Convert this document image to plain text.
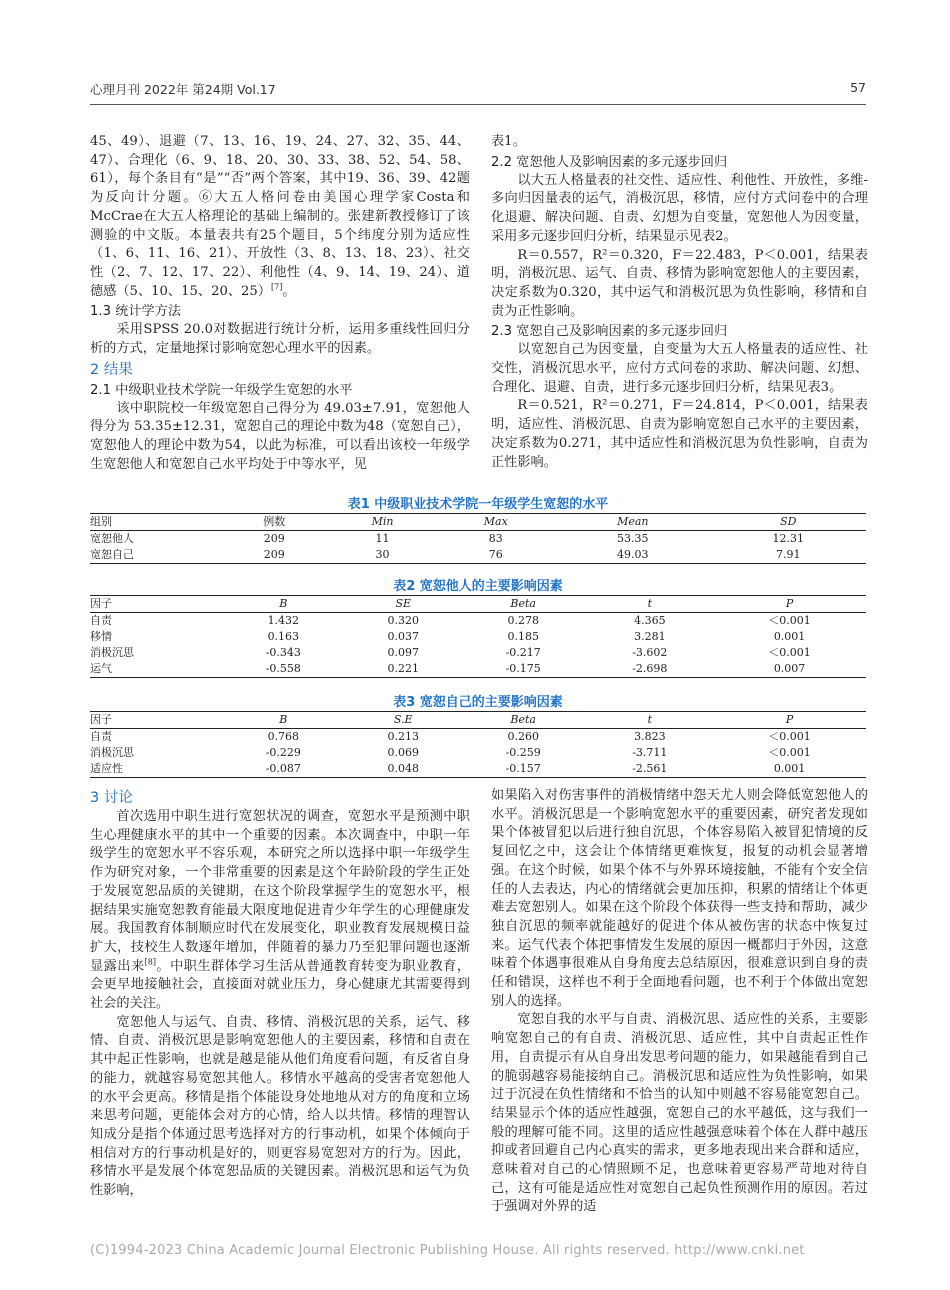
心理月刊 2022年 第24期 Vol.17	57

45、49）、退避（7、13、16、19、24、27、32、35、44、47）、合理化（6、9、18、20、30、33、38、52、54、58、61），每个条目有“是”“否”两个答案，其中19、36、39、42题为反向计分题。⑥大五人格问卷由美国心理学家Costa和McCrae在大五人格理论的基础上编制的。张建新教授修订了该测验的中文版。本量表共有25个题目，5个纬度分别为适应性（1、6、11、16、21）、开放性（3、8、13、18、23）、社交性（2、7、12、17、22）、利他性（4、9、14、19、24）、道德感（5、10、15、20、25）[7]。

1.3 统计学方法

采用SPSS 20.0对数据进行统计分析，运用多重线性回归分析的方式，定量地探讨影响宽恕心理水平的因素。

2 结果
2.1 中级职业技术学院一年级学生宽恕的水平

该中职院校一年级宽恕自己得分为 49.03±7.91，宽恕他人得分为 53.35±12.31，宽恕自己的理论中数为48（宽恕自己），宽恕他人的理论中数为54，以此为标准，可以看出该校一年级学生宽恕他人和宽恕自己水平均处于中等水平，见

表1。

2.2 宽恕他人及影响因素的多元逐步回归

以大五人格量表的社交性、适应性、利他性、开放性，多维-多向归因量表的运气，消极沉思，移情，应付方式问卷中的合理化退避、解决问题、自责、幻想为自变量，宽恕他人为因变量，采用多元逐步回归分析，结果显示见表2。

R＝0.557，R²＝0.320，F＝22.483，P＜0.001，结果表明，消极沉思、运气、自责、移情为影响宽恕他人的主要因素，决定系数为0.320，其中运气和消极沉思为负性影响，移情和自责为正性影响。

2.3 宽恕自己及影响因素的多元逐步回归

以宽恕自己为因变量，自变量为大五人格量表的适应性、社交性，消极沉思水平，应付方式问卷的求助、解决问题、幻想、合理化、退避、自责，进行多元逐步回归分析，结果见表3。

R＝0.521，R²＝0.271，F＝24.814，P＜0.001，结果表明，适应性、消极沉思、自责为影响宽恕自己水平的主要因素，决定系数为0.271，其中适应性和消极沉思为负性影响，自责为正性影响。

表1 中级职业技术学院一年级学生宽恕的水平
组别	例数	Min	Max	Mean	SD
宽恕他人	209	11	83	53.35	12.31
宽恕自己	209	30	76	49.03	7.91
表2 宽恕他人的主要影响因素
因子	B	SE	Beta	t	P
自责	1.432	0.320	0.278	4.365	＜0.001
移情	0.163	0.037	0.185	3.281	0.001
消极沉思	-0.343	0.097	-0.217	-3.602	＜0.001
运气	-0.558	0.221	-0.175	-2.698	0.007
表3 宽恕自己的主要影响因素
因子	B	S.E	Beta	t	P
自责	0.768	0.213	0.260	3.823	＜0.001
消极沉思	-0.229	0.069	-0.259	-3.711	＜0.001
适应性	-0.087	0.048	-0.157	-2.561	0.001
3 讨论

首次选用中职生进行宽恕状况的调查，宽恕水平是预测中职生心理健康水平的其中一个重要的因素。本次调查中，中职一年级学生的宽恕水平不容乐观，本研究之所以选择中职一年级学生作为研究对象，一个非常重要的因素是这个年龄阶段的学生正处于发展宽恕品质的关键期，在这个阶段掌握学生的宽恕水平，根据结果实施宽恕教育能最大限度地促进青少年学生的心理健康发展。我国教育体制顺应时代在发展变化，职业教育发展规模日益扩大，技校生人数逐年增加，伴随着的暴力乃至犯罪问题也逐渐显露出来[8]。中职生群体学习生活从普通教育转变为职业教育，会更早地接触社会，直接面对就业压力，身心健康尤其需要得到社会的关注。

宽恕他人与运气、自责、移情、消极沉思的关系，运气、移情、自责、消极沉思是影响宽恕他人的主要因素，移情和自责在其中起正性影响，也就是越是能从他们角度看问题，有反省自身的能力，就越容易宽恕其他人。移情水平越高的受害者宽恕他人的水平会更高。移情是指个体能设身处地地从对方的角度和立场来思考问题，更能体会对方的心情，给人以共情。移情的理智认知成分是指个体通过思考选择对方的行事动机，如果个体倾向于相信对方的行事动机是好的，则更容易宽恕对方的行为。因此，移情水平是发展个体宽恕品质的关键因素。消极沉思和运气为负性影响，

如果陷入对伤害事件的消极情绪中怨天尤人则会降低宽恕他人的水平。消极沉思是一个影响宽恕水平的重要因素，研究者发现如果个体被冒犯以后进行独自沉思，个体容易陷入被冒犯情境的反复回忆之中，这会让个体情绪更难恢复，报复的动机会显著增强。在这个时候，如果个体不与外界环境接触，不能有个安全信任的人去表达，内心的情绪就会更加压抑，积累的情绪让个体更难去宽恕别人。如果在这个阶段个体获得一些支持和帮助，减少独自沉思的频率就能越好的促进个体从被伤害的状态中恢复过来。运气代表个体把事情发生发展的原因一概都归于外因，这意味着个体遇事很难从自身角度去总结原因，很难意识到自身的责任和错误，这样也不利于全面地看问题，也不利于个体做出宽恕别人的选择。

宽恕自我的水平与自责、消极沉思、适应性的关系，主要影响宽恕自己的有自责、消极沉思、适应性，其中自责起正性作用，自责提示有从自身出发思考问题的能力，如果越能看到自己的脆弱越容易能接纳自己。消极沉思和适应性为负性影响，如果过于沉浸在负性情绪和不恰当的认知中则越不容易能宽恕自己。结果显示个体的适应性越强，宽恕自己的水平越低，这与我们一般的理解可能不同。这里的适应性越强意味着个体在人群中越压抑或者回避自己内心真实的需求，更多地表现出来合群和适应，意味着对自己的心情照顾不足，也意味着更容易严苛地对待自己，这有可能是适应性对宽恕自己起负性预测作用的原因。若过于强调对外界的适

(C)1994-2023 China Academic Journal Electronic Publishing House. All rights reserved. http://www.cnki.net
